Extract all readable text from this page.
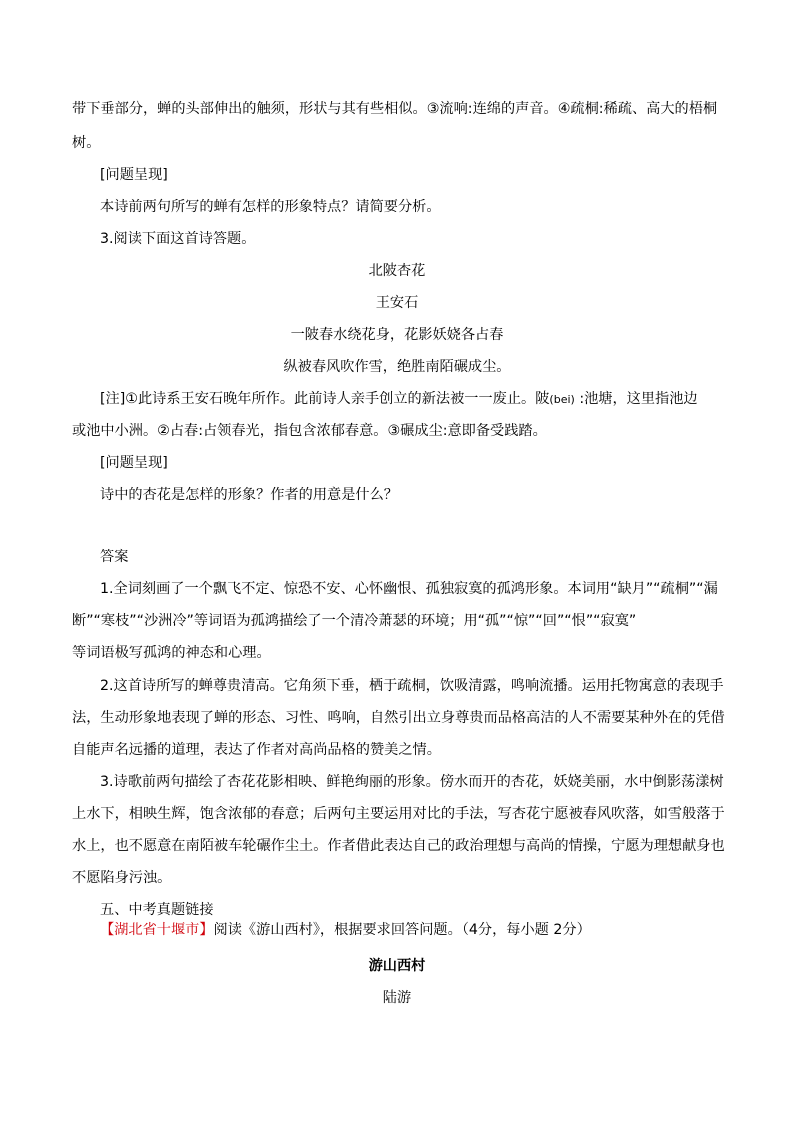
带下垂部分，蝉的头部伸出的触须，形状与其有些相似。③流响:连绵的声音。④疏桐:稀疏、高大的梧桐
树。
[问题呈现]
本诗前两句所写的蝉有怎样的形象特点？请简要分析。
3.阅读下面这首诗答题。
北陂杏花
王安石
一陂春水绕花身，花影妖娆各占春
纵被春风吹作雪，绝胜南陌碾成尘。
[注]①此诗系王安石晚年所作。此前诗人亲手创立的新法被一一废止。陂(bei) :池塘，这里指池边
或池中小洲。②占春:占领春光，指包含浓郁春意。③碾成尘:意即备受践踏。
[问题呈现]
诗中的杏花是怎样的形象？作者的用意是什么？
答案
1.全词刻画了一个飘飞不定、惊恐不安、心怀幽恨、孤独寂寞的孤鸿形象。本词用“缺月”“疏桐”“漏
断”“寒枝”“沙洲冷”等词语为孤鸿描绘了一个清冷萧瑟的环境；用“孤”“惊”“回”“恨”“寂寞”
等词语极写孤鸿的神态和心理。
2.这首诗所写的蝉尊贵清高。它角须下垂，栖于疏桐，饮吸清露，鸣响流播。运用托物寓意的表现手
法，生动形象地表现了蝉的形态、习性、鸣响，自然引出立身尊贵而品格高洁的人不需要某种外在的凭借
自能声名远播的道理，表达了作者对高尚品格的赞美之情。
3.诗歌前两句描绘了杏花花影相映、鲜艳绚丽的形象。傍水而开的杏花，妖娆美丽，水中倒影荡漾树
上水下，相映生辉，饱含浓郁的春意；后两句主要运用对比的手法，写杏花宁愿被春风吹落，如雪般落于
水上，也不愿意在南陌被车轮碾作尘土。作者借此表达自己的政治理想与高尚的情操，宁愿为理想献身也
不愿陷身污浊。
五、中考真题链接
【湖北省十堰市】阅读《游山西村》，根据要求回答问题。（4分，每小题 2分）
游山西村
陆游
